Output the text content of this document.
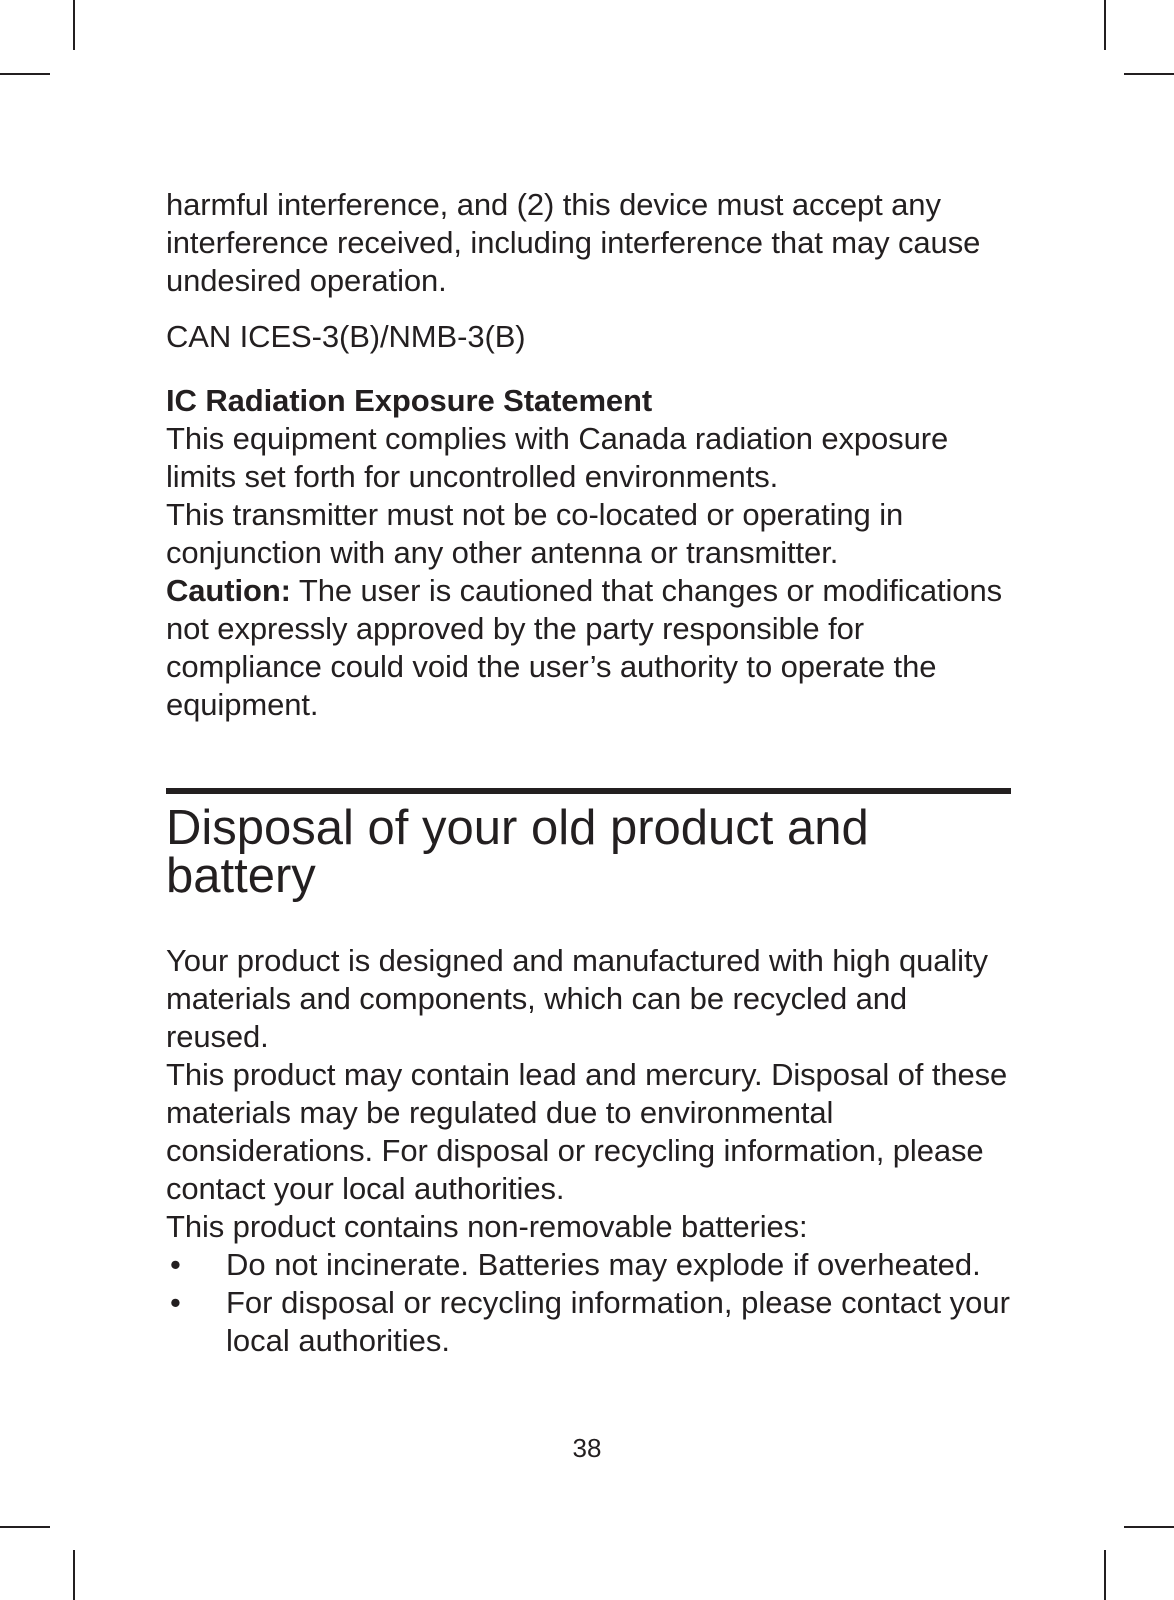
harmful interference, and (2) this device must accept any interference received, including interference that may cause undesired operation.

CAN ICES-3(B)/NMB-3(B)

IC Radiation Exposure Statement

This equipment complies with Canada radiation exposure limits set forth for uncontrolled environments.

This transmitter must not be co-located or operating in conjunction with any other antenna or transmitter.

Caution: The user is cautioned that changes or modifications not expressly approved by the party responsible for compliance could void the user’s authority to operate the equipment.

Disposal of your old product and battery

Your product is designed and manufactured with high quality materials and components, which can be recycled and reused.

This product may contain lead and mercury. Disposal of these materials may be regulated due to environmental considerations. For disposal or recycling information, please contact your local authorities.

This product contains non-removable batteries:

• Do not incinerate. Batteries may explode if overheated.
• For disposal or recycling information, please contact your local authorities.
38
